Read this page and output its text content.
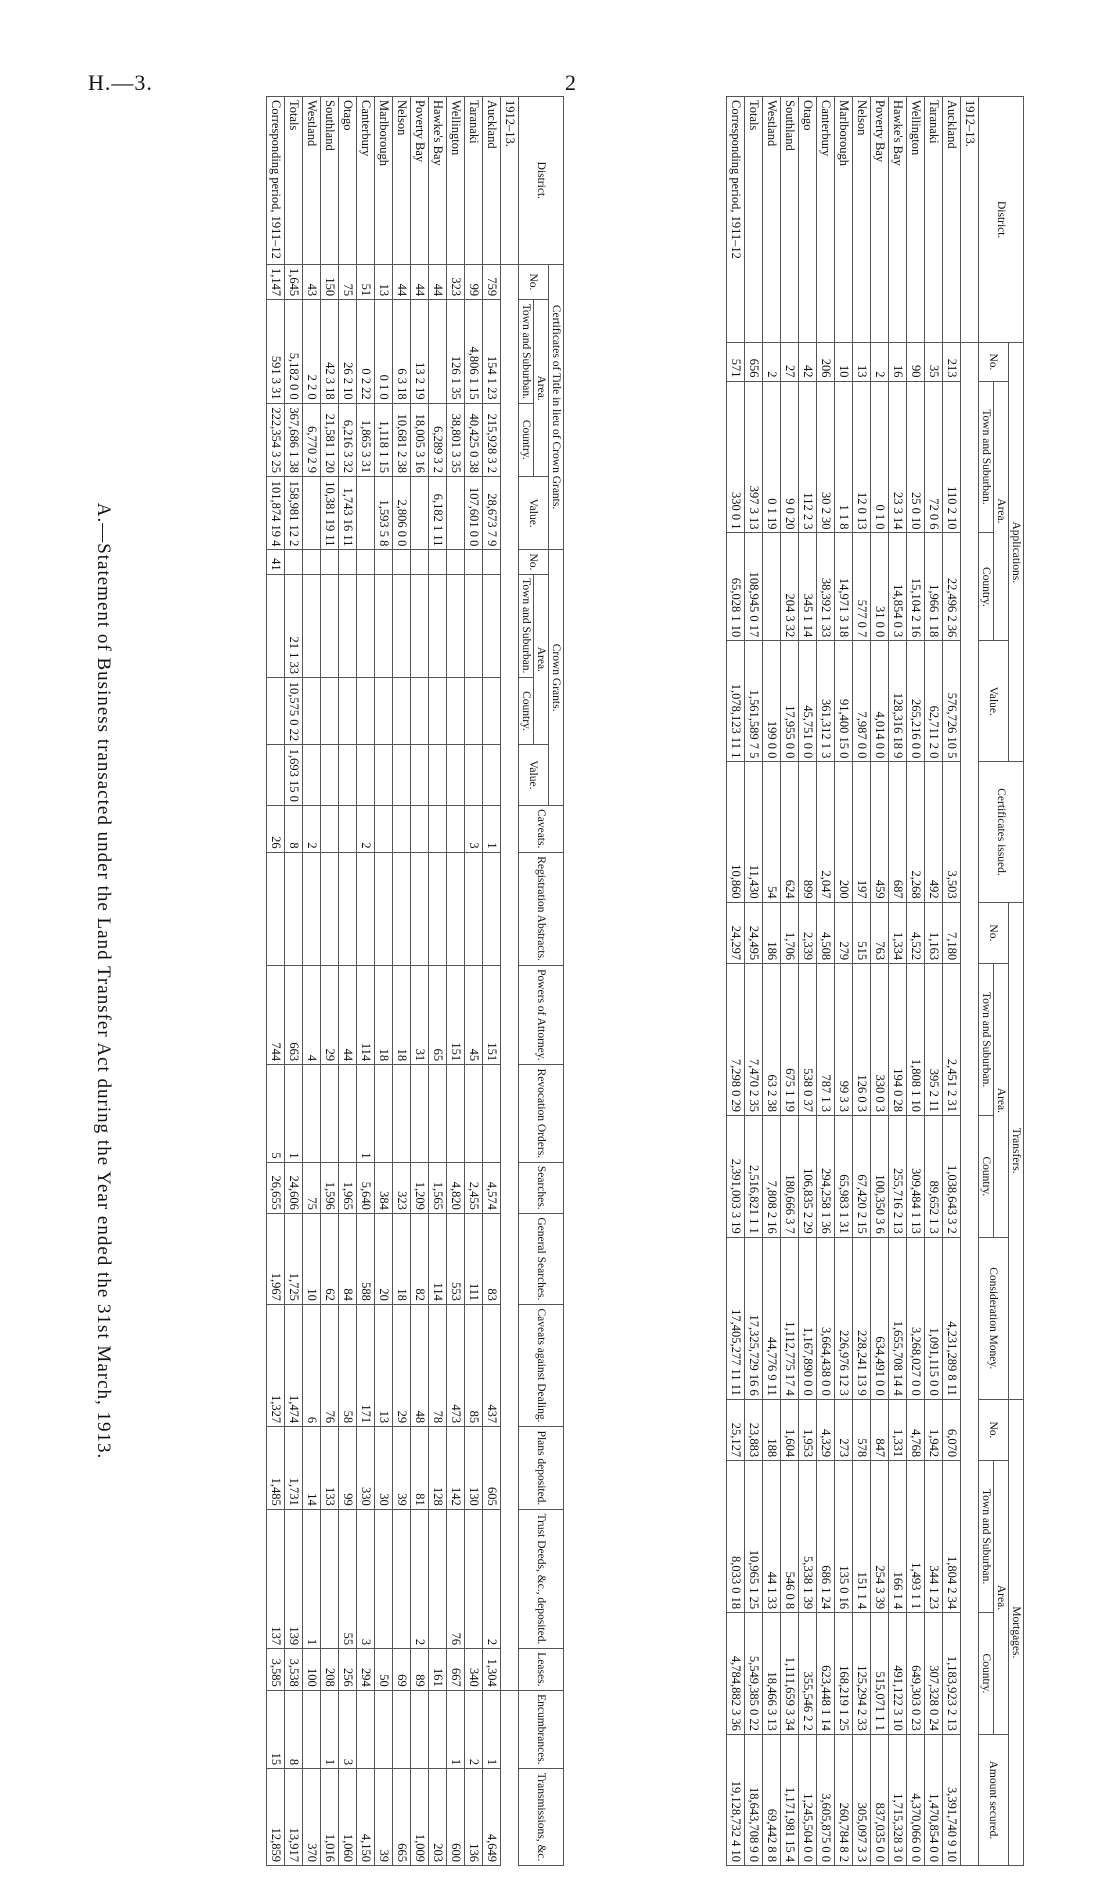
H.—3.	2
District.	Applications.				Certificates issued.	Transfers.				Mortgages.			
	No.	Area.		Value.		No.	Area.		Consideration Money.	No.	Area.		Amount secured.
		Town and Suburban.	Country.				Town and Suburban.	Country.			Town and Suburban.	Country.	
1912–13.													
Auckland	213	110 2 10	22,496 2 36	576,726 10 5	3,503	7,180	2,451 2 31	1,038,643 3 2	4,231,289 8 11	6,070	1,804 2 34	1,183,923 2 13	3,391,740 9 10
Taranaki	35	72 0 6	1,966 1 18	62,711 2 0	492	1,163	395 2 11	89,652 1 3	1,091,115 0 0	1,942	344 1 23	307,328 0 24	1,470,854 0 0
Wellington	90	25 0 10	15,104 2 16	265,216 0 0	2,268	4,522	1,808 1 10	309,484 1 13	3,268,027 0 0	4,768	1,493 1 1	649,303 0 23	4,370,066 0 0
Hawke's Bay	16	23 3 14	14,854 0 3	128,316 18 9	687	1,334	194 0 28	255,716 2 13	1,655,708 14 4	1,331	166 1 4	491,122 3 10	1,715,328 3 0
Poverty Bay	2	0 1 0	31 0 0	4,014 0 0	459	763	330 0 3	100,350 3 6	634,491 0 0	847	254 3 39	515,071 1 1	837,035 0 0
Nelson	13	12 0 13	577 0 7	7,987 0 0	197	515	126 0 3	67,420 2 15	228,241 13 9	578	151 1 4	125,294 2 33	305,097 3 3
Marlborough	10	1 1 8	14,971 3 18	91,400 15 0	200	279	99 3 3	65,983 1 31	226,976 12 3	273	135 0 16	168,219 1 25	260,784 8 2
Canterbury	206	30 2 30	38,392 1 33	361,312 1 3	2,047	4,508	787 1 3	294,258 1 36	3,664,438 0 0	4,329	686 1 24	623,448 1 14	3,605,875 0 0
Otago	42	112 2 3	345 1 14	45,751 0 0	899	2,339	538 0 37	106,835 2 29	1,167,890 0 0	1,953	5,338 1 39	355,546 2 2	1,245,504 0 0
Southland	27	9 0 20	204 3 32	17,955 0 0	624	1,706	675 1 19	180,666 3 7	1,112,775 17 4	1,604	546 0 8	1,111,659 3 34	1,171,981 15 4
Westland	2	0 1 19		199 0 0	54	186	63 2 38	7,808 2 16	44,776 9 11	188	44 1 33	18,466 3 13	69,442 8 8
Totals	656	397 3 13	108,945 0 17	1,561,589 7 5	11,430	24,495	7,470 2 35	2,516,821 1 1	17,325,729 16 6	23,883	10,965 1 25	5,549,385 0 22	18,643,708 9 0
Corresponding period, 1911–12	571	330 0 1	65,028 1 10	1,078,123 11 1	10,860	24,297	7,298 0 29	2,391,003 3 19	17,405,277 11 11	25,127	8,033 0 18	4,784,882 3 36	19,128,732 4 10
District.	Certificates of Title in lieu of Crown Grants.				Crown Grants.				Caveats.	Registration Abstracts.	Powers of Attorney.	Revocation Orders.	Searches.	General Searches.	Caveats against Dealing.	Plans deposited.	Trust Deeds, &c., deposited.	Leases.	Encumbrances.	Transmissions, &c.
	No.	Area.		Value.	No.	Area.		Value.												
		Town and Suburban.	Country.			Town and Suburban.	Country.													
1912–13.																				
Auckland	759	154 1 23	215,928 3 2	28,673 7 9					1		151		4,574	83	437	605	2	1,304	1	4,649
Taranaki	99	4,806 1 15	40,425 0 38	107,601 0 0					3		45		2,455	111	85	130		340	2	136
Wellington	323	126 1 35	38,801 3 35								151		4,820	553	473	142	76	667	1	600
Hawke's Bay	44		6,289 3 2	6,182 1 11							65		1,565	114	78	128		161		203
Poverty Bay	44	13 2 19	18,005 3 16								31		1,209	82	48	81	2	89		1,009
Nelson	44	6 3 18	10,681 2 38	2,806 0 0							18		323	18	29	39		69		665
Marlborough	13	0 1 0	1,118 1 15	1,593 5 8							18		384	20	13	30		50		39
Canterbury	51	0 2 22	1,865 3 31						2		114	1	5,640	588	171	330	3	294		4,150
Otago	75	26 2 10	6,216 3 32	1,743 16 11							44		1,965	84	58	99	55	256	3	1,060
Southland	150	42 3 18	21,581 1 20	10,381 19 11							29		1,596	62	76	133		208	1	1,016
Westland	43	2 2 0	6,770 2 9						2		4		75	10	6	14	1	100		370
Totals	1,645	5,182 0 0	367,686 1 38	158,981 12 2		21 1 33	10,575 0 22	1,693 15 0	8		663	1	24,606	1,725	1,474	1,731	139	3,538	8	13,917
Corresponding period, 1911–12	1,147	591 3 31	222,354 3 25	101,874 19 4	41				26		744	5	26,655	1,967	1,327	1,485	137	3,585	15	12,859
A.—Statement of Business transacted under the Land Transfer Act during the Year ended the 31st March, 1913.
